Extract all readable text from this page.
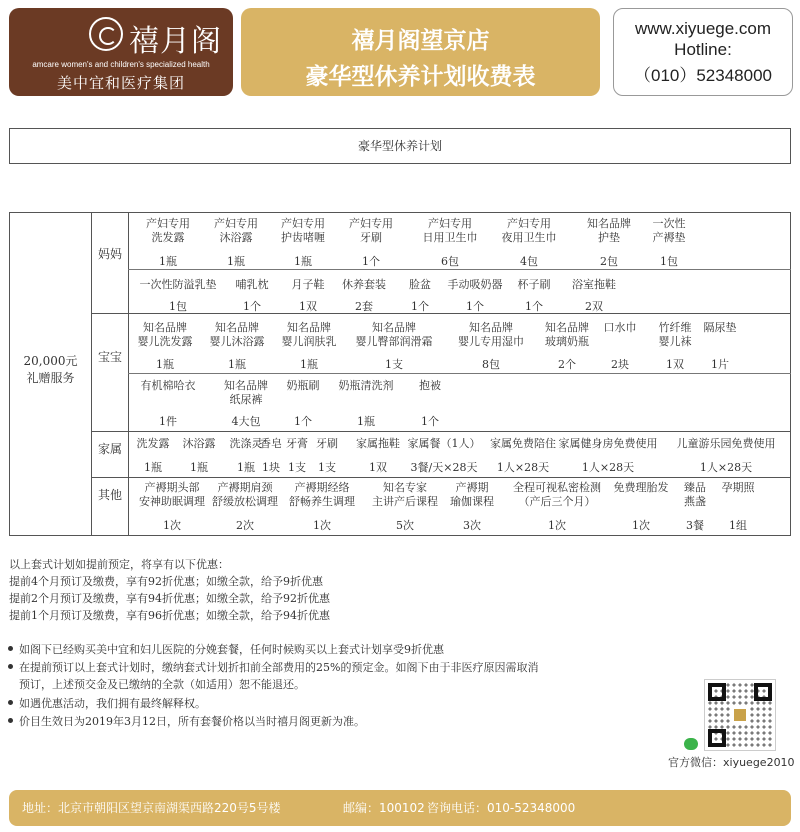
禧月阁
amcare women's and children's specialized health
美中宜和医疗集团
禧月阁望京店
豪华型休养计划收费表
www.xiyuege.com
Hotline:
（010）52348000
豪华型休养计划
20,000元
礼赠服务
妈妈
宝宝
家属
其他
产妇专用
洗发露
1瓶
产妇专用
沐浴露
1瓶
产妇专用
护齿啫喱
1瓶
产妇专用
牙刷
1个
产妇专用
日用卫生巾
6包
产妇专用
夜用卫生巾
4包
知名品牌
护垫
2包
一次性
产褥垫
1包
一次性防溢乳垫
1包
哺乳枕
1个
月子鞋
1双
休养套装
2套
脸盆
1个
手动吸奶器
1个
杯子刷
1个
浴室拖鞋
2双
知名品牌
婴儿洗发露
1瓶
知名品牌
婴儿沐浴露
1瓶
知名品牌
婴儿润肤乳
1瓶
知名品牌
婴儿臀部润滑霜
1支
知名品牌
婴儿专用湿巾
8包
知名品牌
玻璃奶瓶
2个
口水巾
2块
竹纤维
婴儿袜
1双
隔尿垫
1片
有机棉哈衣
1件
知名品牌
纸尿裤
4大包
奶瓶刷
1个
奶瓶清洗剂
1瓶
抱被
1个
洗发露
1瓶
沐浴露
1瓶
洗涤灵
1瓶
香皂
1块
牙膏
1支
牙刷
1支
家属拖鞋
1双
家属餐（1人）
3餐/天×28天
家属免费陪住
1人×28天
家属健身房免费使用
1人×28天
儿童游乐园免费使用
1人×28天
产褥期头部
安神助眠调理
1次
产褥期肩颈
舒缓放松调理
2次
产褥期经络
舒畅养生调理
1次
知名专家
主讲产后课程
5次
产褥期
瑜伽课程
3次
全程可视私密检测
（产后三个月）
1次
免费理胎发
1次
臻品
燕盏
3餐
孕期照
1组
以上套式计划如提前预定，将享有以下优惠：
提前4个月预订及缴费，享有92折优惠；如缴全款，给予9折优惠
提前2个月预订及缴费，享有94折优惠；如缴全款，给予92折优惠
提前1个月预订及缴费，享有96折优惠；如缴全款，给予94折优惠
如阁下已经购买美中宜和妇儿医院的分娩套餐，任何时候购买以上套式计划享受9折优惠
在提前预订以上套式计划时，缴纳套式计划折扣前全部费用的25%的预定金。如阁下由于非医疗原因需取消
预订，上述预交金及已缴纳的全款（如适用）恕不能退还。
如遇优惠活动，我们拥有最终解释权。
价目生效日为2019年3月12日，所有套餐价格以当时禧月阁更新为准。
官方微信：xiyuege2010
地址：北京市朝阳区望京南湖渠西路220号5号楼	邮编：100102 咨询电话：010-52348000
